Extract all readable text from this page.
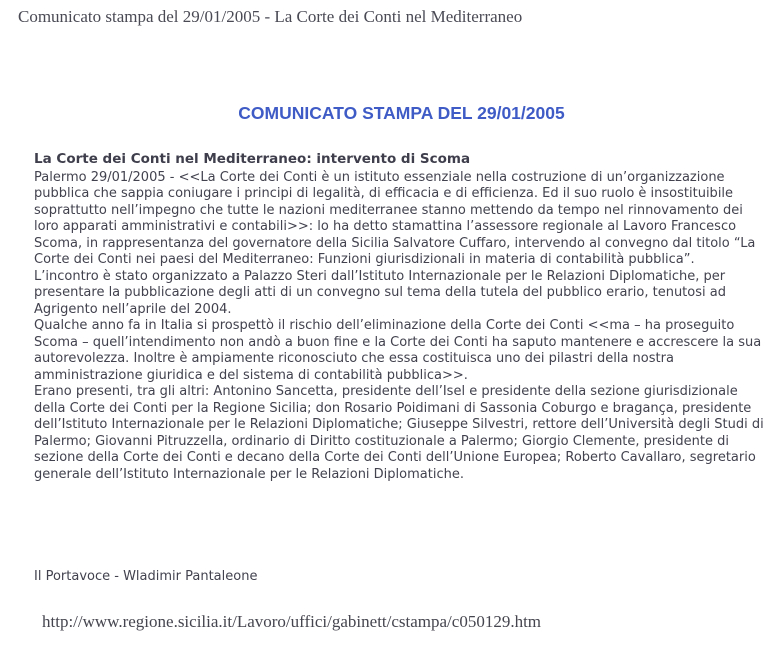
Comunicato stampa del 29/01/2005 - La Corte dei Conti nel Mediterraneo
COMUNICATO STAMPA DEL 29/01/2005
La Corte dei Conti nel Mediterraneo: intervento di Scoma

Palermo 29/01/2005 - <<La Corte dei Conti è un istituto essenziale nella costruzione di un’organizzazione pubblica che sappia coniugare i principi di legalità, di efficacia e di efficienza. Ed il suo ruolo è insostituibile soprattutto nell’impegno che tutte le nazioni mediterranee stanno mettendo da tempo nel rinnovamento dei loro apparati amministrativi e contabili>>: lo ha detto stamattina l’assessore regionale al Lavoro Francesco Scoma, in rappresentanza del governatore della Sicilia Salvatore Cuffaro, intervendo al convegno dal titolo “La Corte dei Conti nei paesi del Mediterraneo: Funzioni giurisdizionali in materia di contabilità pubblica”.

L’incontro è stato organizzato a Palazzo Steri dall’Istituto Internazionale per le Relazioni Diplomatiche, per presentare la pubblicazione degli atti di un convegno sul tema della tutela del pubblico erario, tenutosi ad Agrigento nell’aprile del 2004.

Qualche anno fa in Italia si prospettò il rischio dell’eliminazione della Corte dei Conti <<ma – ha proseguito Scoma – quell’intendimento non andò a buon fine e la Corte dei Conti ha saputo mantenere e accrescere la sua autorevolezza. Inoltre è ampiamente riconosciuto che essa costituisca uno dei pilastri della nostra amministrazione giuridica e del sistema di contabilità pubblica>>.

Erano presenti, tra gli altri: Antonino Sancetta, presidente dell’Isel e presidente della sezione giurisdizionale della Corte dei Conti per la Regione Sicilia; don Rosario Poidimani di Sassonia Coburgo e bragança, presidente dell’Istituto Internazionale per le Relazioni Diplomatiche; Giuseppe Silvestri, rettore dell’Università degli Studi di Palermo; Giovanni Pitruzzella, ordinario di Diritto costituzionale a Palermo; Giorgio Clemente, presidente di sezione della Corte dei Conti e decano della Corte dei Conti dell’Unione Europea; Roberto Cavallaro, segretario generale dell’Istituto Internazionale per le Relazioni Diplomatiche.

Il Portavoce - Wladimir Pantaleone
http://www.regione.sicilia.it/Lavoro/uffici/gabinett/cstampa/c050129.htm
